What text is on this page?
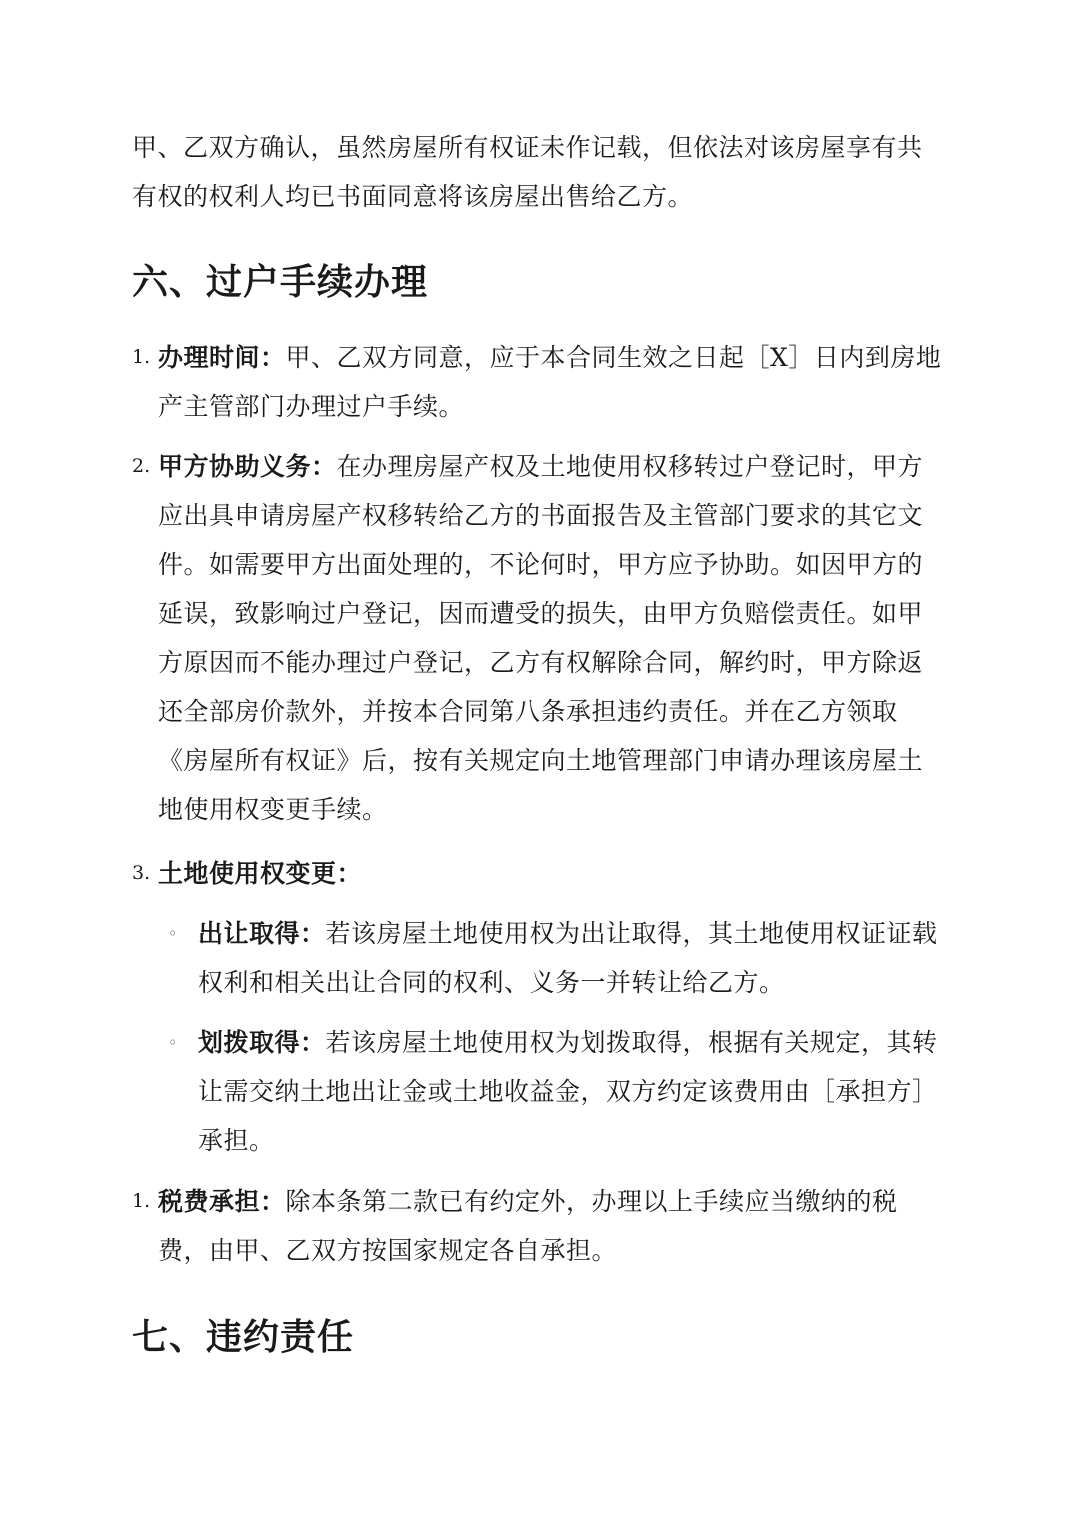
甲、乙双方确认，虽然房屋所有权证未作记载，但依法对该房屋享有共有权的权利人均已书面同意将该房屋出售给乙方。

六、过户手续办理
1. 办理时间：甲、乙双方同意，应于本合同生效之日起［X］日内到房地产主管部门办理过户手续。
2. 甲方协助义务：在办理房屋产权及土地使用权移转过户登记时，甲方应出具申请房屋产权移转给乙方的书面报告及主管部门要求的其它文件。如需要甲方出面处理的，不论何时，甲方应予协助。如因甲方的延误，致影响过户登记，因而遭受的损失，由甲方负赔偿责任。如甲方原因而不能办理过户登记，乙方有权解除合同，解约时，甲方除返还全部房价款外，并按本合同第八条承担违约责任。并在乙方领取《房屋所有权证》后，按有关规定向土地管理部门申请办理该房屋土地使用权变更手续。
3. 土地使用权变更：
◦ 出让取得：若该房屋土地使用权为出让取得，其土地使用权证证载权利和相关出让合同的权利、义务一并转让给乙方。
◦ 划拨取得：若该房屋土地使用权为划拨取得，根据有关规定，其转让需交纳土地出让金或土地收益金，双方约定该费用由［承担方］承担。
1. 税费承担：除本条第二款已有约定外，办理以上手续应当缴纳的税费，由甲、乙双方按国家规定各自承担。
七、违约责任
